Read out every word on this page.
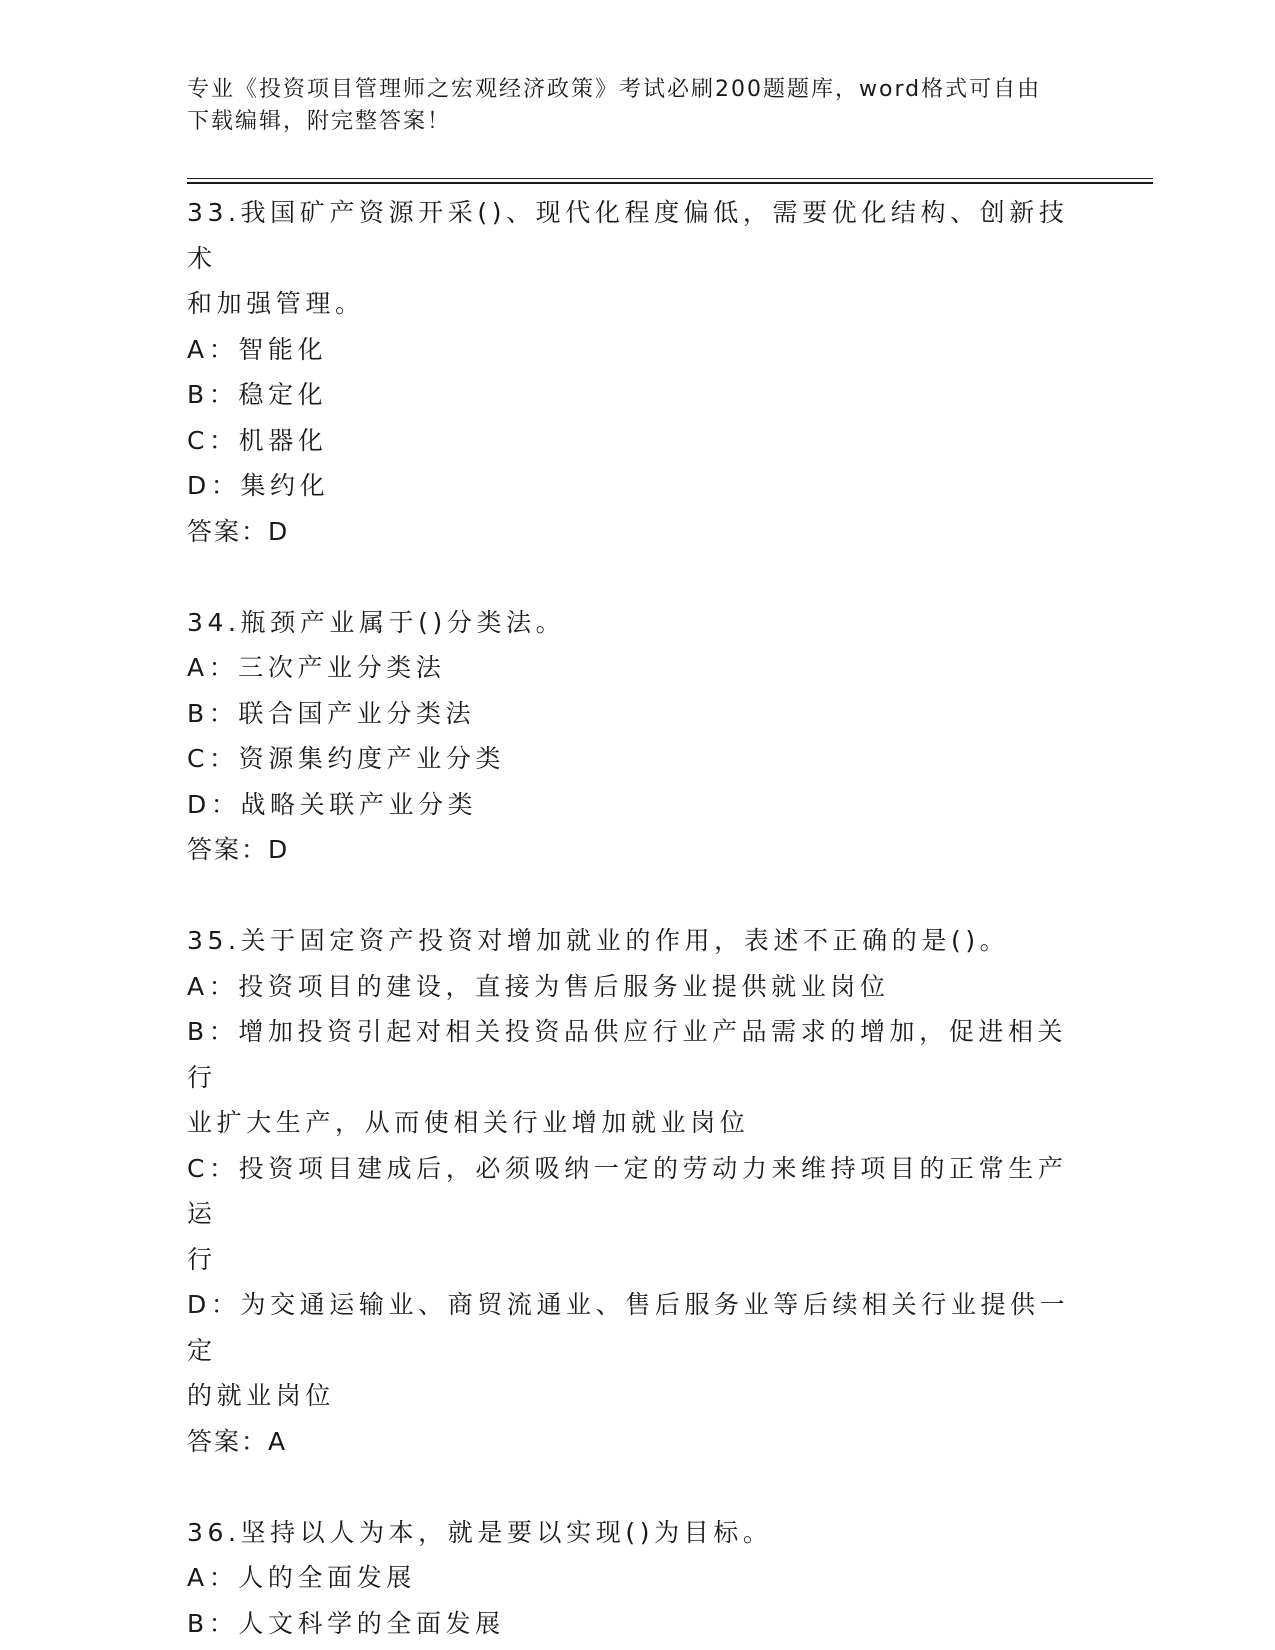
专业《投资项目管理师之宏观经济政策》考试必刷200题题库，word格式可自由

下载编辑，附完整答案！

33.我国矿产资源开采()、现代化程度偏低，需要优化结构、创新技术

和加强管理。

A：智能化

B：稳定化

C：机器化

D：集约化

答案：D

34.瓶颈产业属于()分类法。

A：三次产业分类法

B：联合国产业分类法

C：资源集约度产业分类

D：战略关联产业分类

答案：D

35.关于固定资产投资对增加就业的作用，表述不正确的是()。

A：投资项目的建设，直接为售后服务业提供就业岗位

B：增加投资引起对相关投资品供应行业产品需求的增加，促进相关行

业扩大生产，从而使相关行业增加就业岗位

C：投资项目建成后，必须吸纳一定的劳动力来维持项目的正常生产运

行

D：为交通运输业、商贸流通业、售后服务业等后续相关行业提供一定

的就业岗位

答案：A

36.坚持以人为本，就是要以实现()为目标。

A：人的全面发展

B：人文科学的全面发展
